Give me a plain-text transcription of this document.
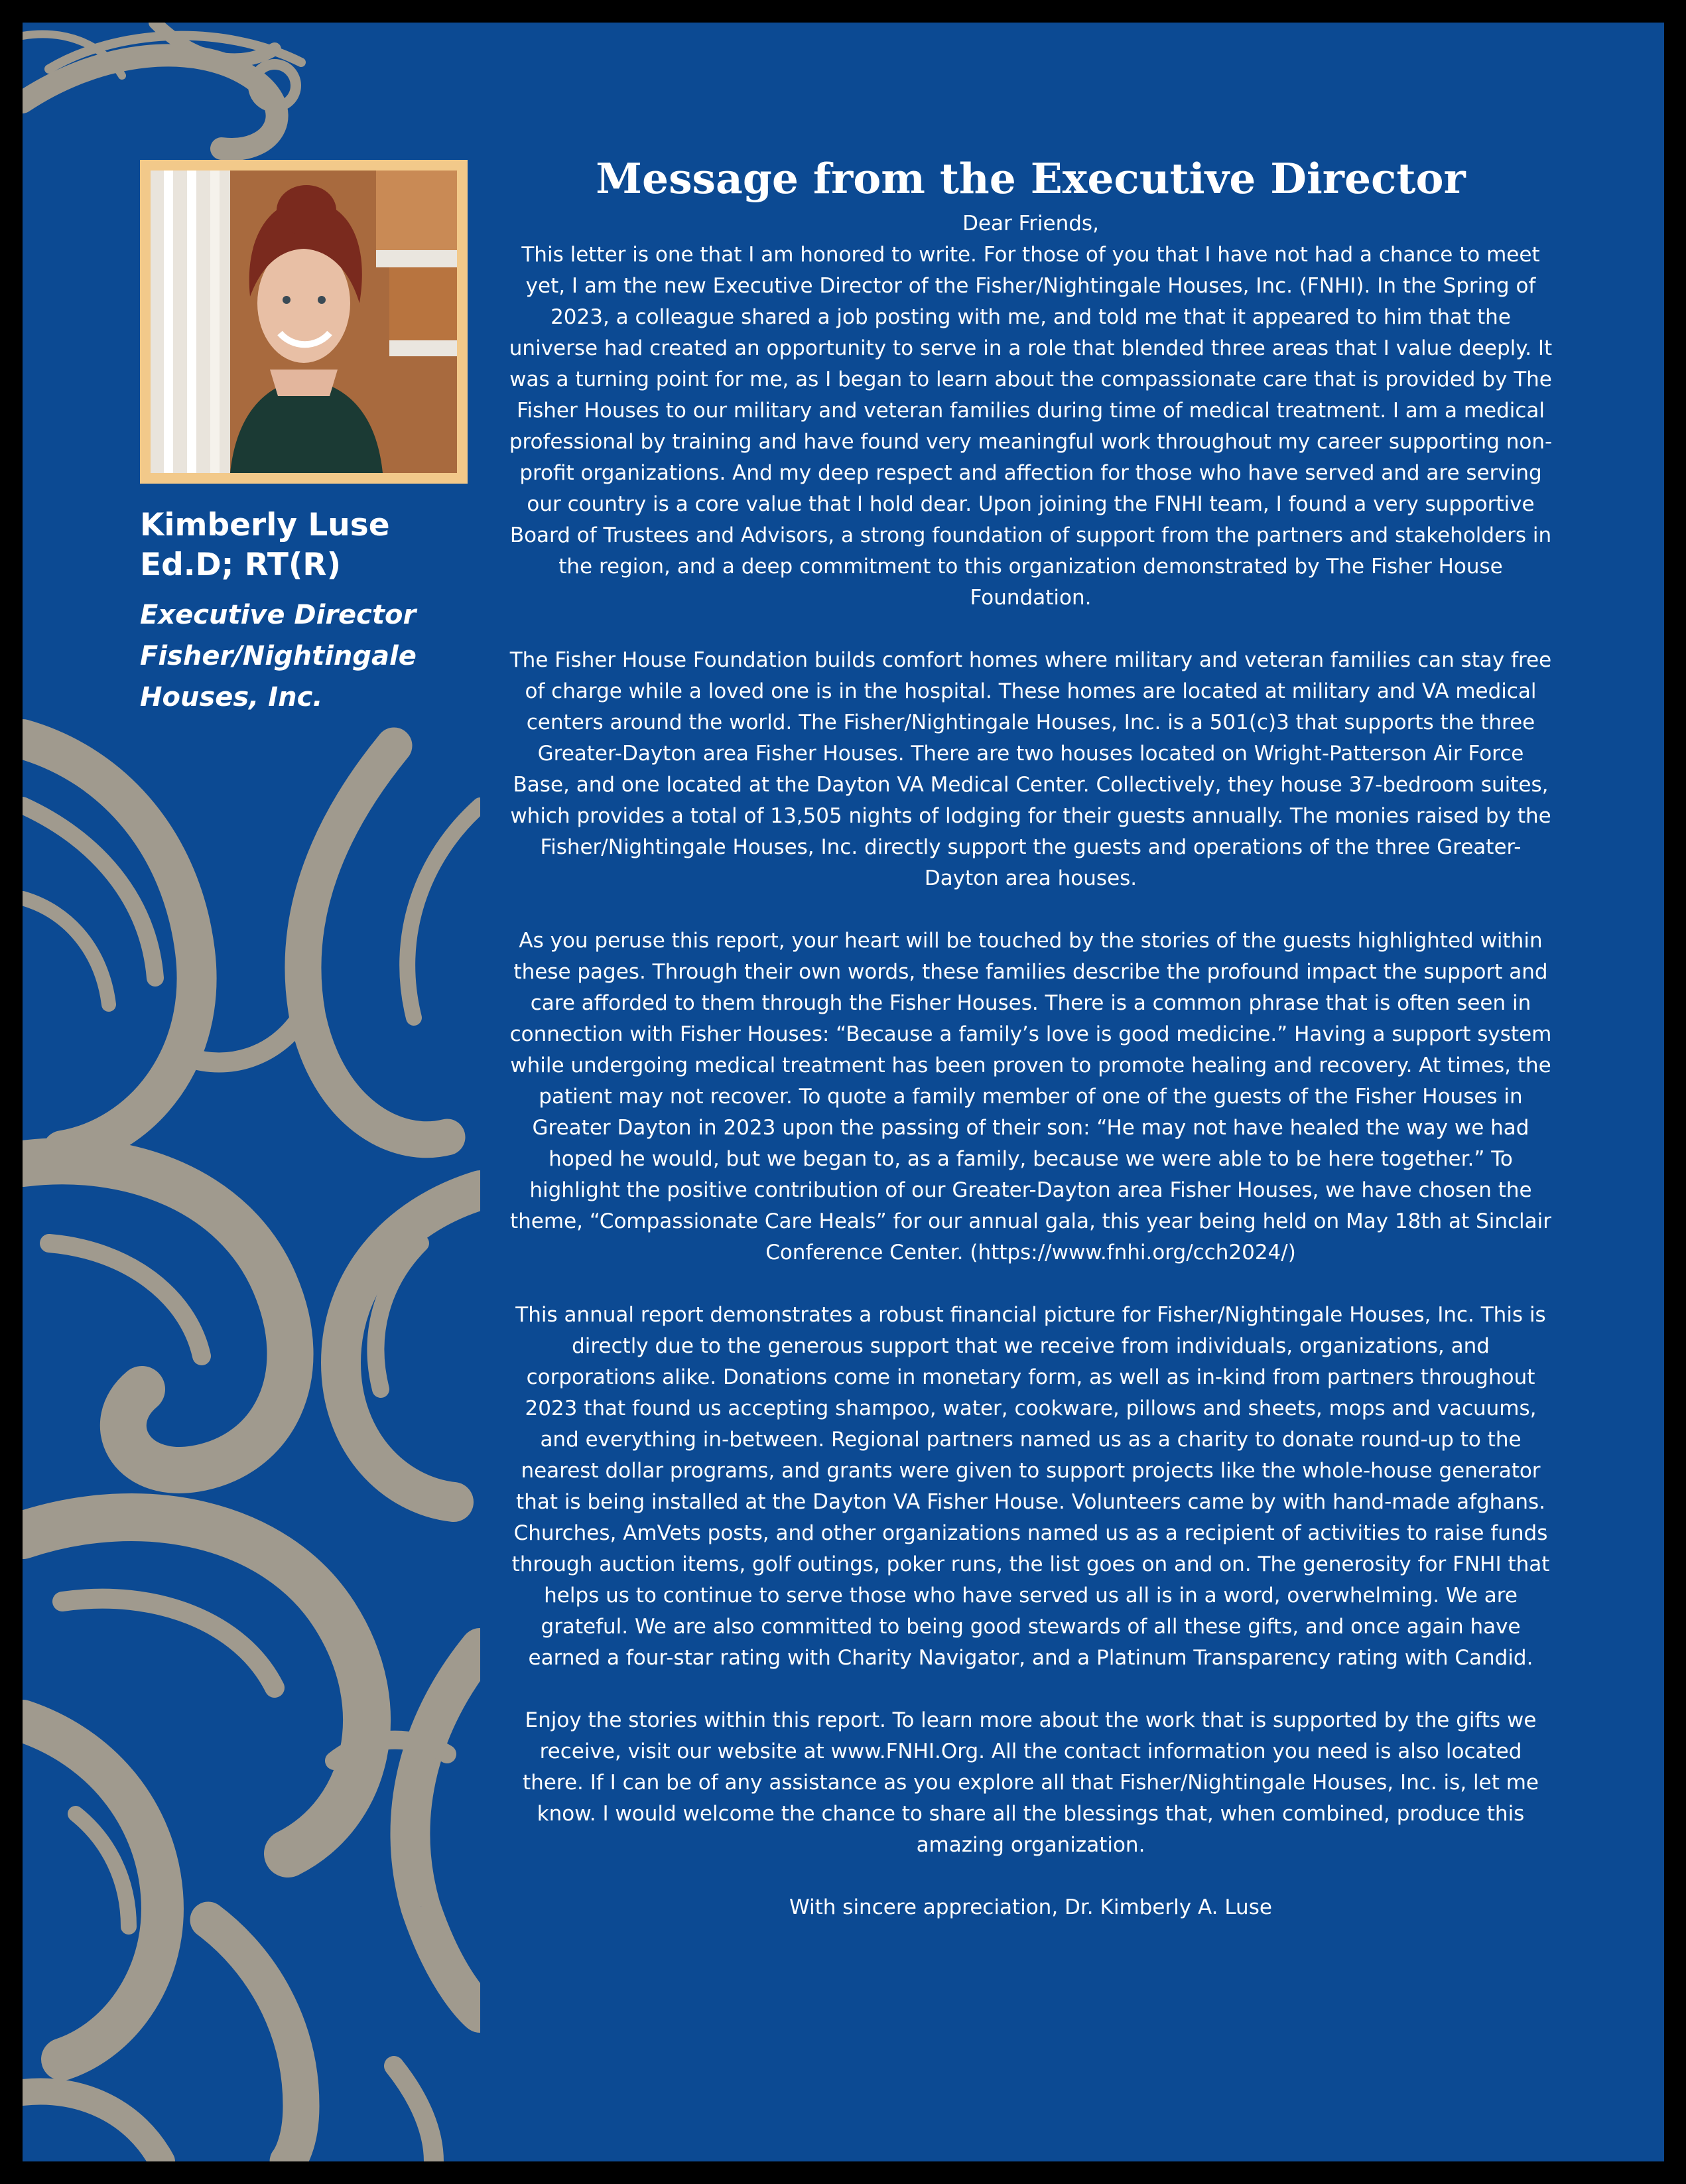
Kimberly Luse
Ed.D; RT(R)
Executive Director
Fisher/Nightingale
Houses, Inc.
Message from the Executive Director

Dear Friends,

This letter is one that I am honored to write. For those of you that I have not had a chance to meet yet, I am the new Executive Director of the Fisher/Nightingale Houses, Inc. (FNHI). In the Spring of 2023, a colleague shared a job posting with me, and told me that it appeared to him that the universe had created an opportunity to serve in a role that blended three areas that I value deeply. It was a turning point for me, as I began to learn about the compassionate care that is provided by The Fisher Houses to our military and veteran families during time of medical treatment. I am a medical professional by training and have found very meaningful work throughout my career supporting non-profit organizations. And my deep respect and affection for those who have served and are serving our country is a core value that I hold dear. Upon joining the FNHI team, I found a very supportive Board of Trustees and Advisors, a strong foundation of support from the partners and stakeholders in the region, and a deep commitment to this organization demonstrated by The Fisher House Foundation.

The Fisher House Foundation builds comfort homes where military and veteran families can stay free of charge while a loved one is in the hospital. These homes are located at military and VA medical centers around the world. The Fisher/Nightingale Houses, Inc. is a 501(c)3 that supports the three Greater-Dayton area Fisher Houses. There are two houses located on Wright-Patterson Air Force Base, and one located at the Dayton VA Medical Center. Collectively, they house 37-bedroom suites, which provides a total of 13,505 nights of lodging for their guests annually. The monies raised by the Fisher/Nightingale Houses, Inc. directly support the guests and operations of the three Greater-Dayton area houses.

As you peruse this report, your heart will be touched by the stories of the guests highlighted within these pages. Through their own words, these families describe the profound impact the support and care afforded to them through the Fisher Houses. There is a common phrase that is often seen in connection with Fisher Houses: “Because a family’s love is good medicine.” Having a support system while undergoing medical treatment has been proven to promote healing and recovery. At times, the patient may not recover. To quote a family member of one of the guests of the Fisher Houses in Greater Dayton in 2023 upon the passing of their son: “He may not have healed the way we had hoped he would, but we began to, as a family, because we were able to be here together.” To highlight the positive contribution of our Greater-Dayton area Fisher Houses, we have chosen the theme, “Compassionate Care Heals” for our annual gala, this year being held on May 18th at Sinclair Conference Center. (https://www.fnhi.org/cch2024/)

This annual report demonstrates a robust financial picture for Fisher/Nightingale Houses, Inc. This is directly due to the generous support that we receive from individuals, organizations, and corporations alike. Donations come in monetary form, as well as in-kind from partners throughout 2023 that found us accepting shampoo, water, cookware, pillows and sheets, mops and vacuums, and everything in-between. Regional partners named us as a charity to donate round-up to the nearest dollar programs, and grants were given to support projects like the whole-house generator that is being installed at the Dayton VA Fisher House. Volunteers came by with hand-made afghans. Churches, AmVets posts, and other organizations named us as a recipient of activities to raise funds through auction items, golf outings, poker runs, the list goes on and on. The generosity for FNHI that helps us to continue to serve those who have served us all is in a word, overwhelming. We are grateful. We are also committed to being good stewards of all these gifts, and once again have earned a four-star rating with Charity Navigator, and a Platinum Transparency rating with Candid.

Enjoy the stories within this report. To learn more about the work that is supported by the gifts we receive, visit our website at www.FNHI.Org. All the contact information you need is also located there. If I can be of any assistance as you explore all that Fisher/Nightingale Houses, Inc. is, let me know. I would welcome the chance to share all the blessings that, when combined, produce this amazing organization.

With sincere appreciation, Dr. Kimberly A. Luse
